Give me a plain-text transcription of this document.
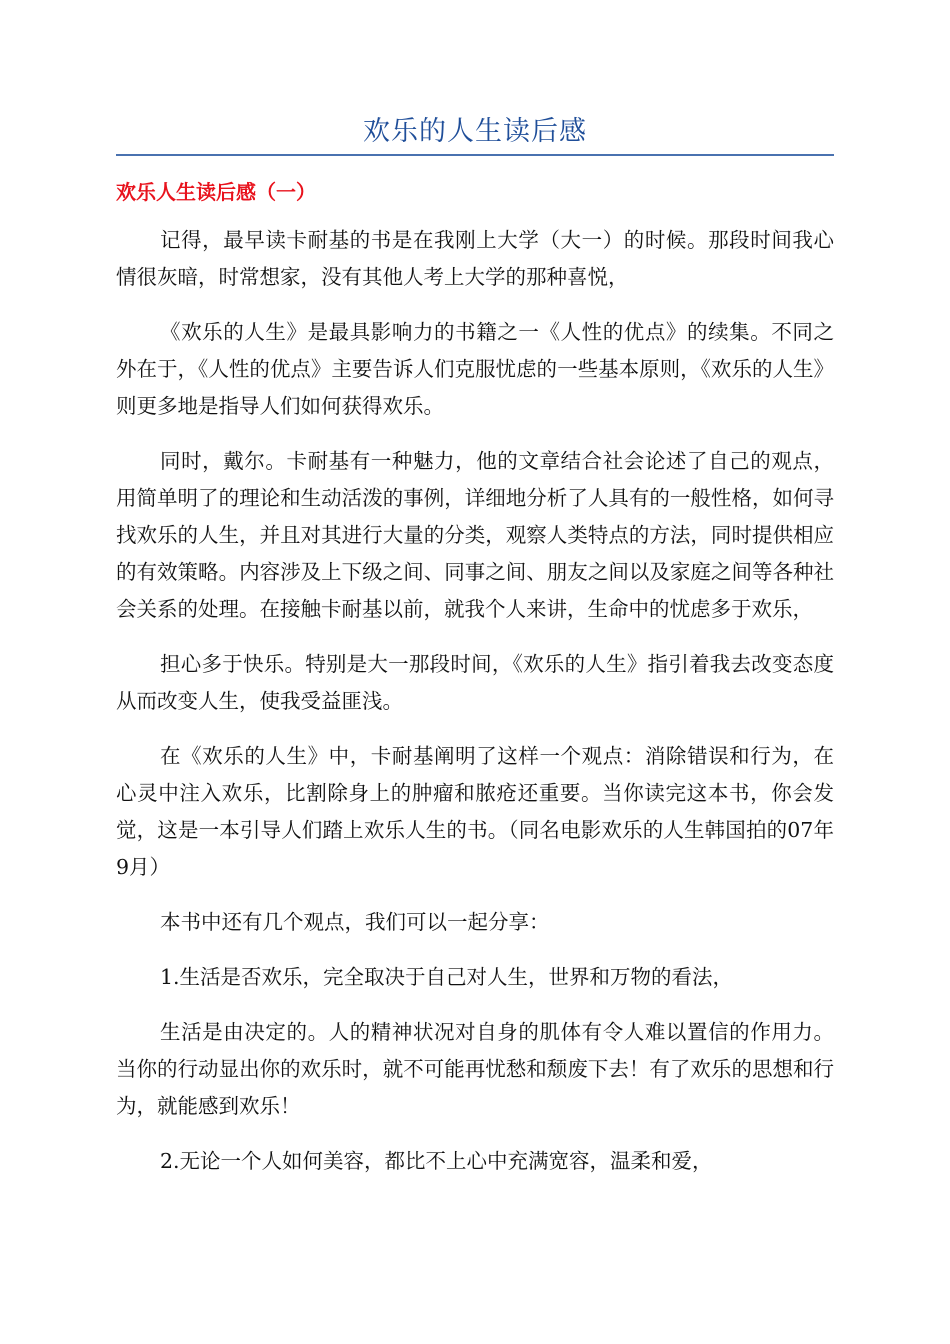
欢乐的人生读后感
欢乐人生读后感（一）

记得，最早读卡耐基的书是在我刚上大学（大一）的时候。那段时间我心情很灰暗，时常想家，没有其他人考上大学的那种喜悦，

《欢乐的人生》是最具影响力的书籍之一《人性的优点》的续集。不同之外在于，《人性的优点》主要告诉人们克服忧虑的一些基本原则，《欢乐的人生》则更多地是指导人们如何获得欢乐。

同时，戴尔。卡耐基有一种魅力，他的文章结合社会论述了自己的观点，用简单明了的理论和生动活泼的事例，详细地分析了人具有的一般性格，如何寻找欢乐的人生，并且对其进行大量的分类，观察人类特点的方法，同时提供相应的有效策略。内容涉及上下级之间、同事之间、朋友之间以及家庭之间等各种社会关系的处理。在接触卡耐基以前，就我个人来讲，生命中的忧虑多于欢乐，

担心多于快乐。特别是大一那段时间，《欢乐的人生》指引着我去改变态度从而改变人生，使我受益匪浅。

在《欢乐的人生》中，卡耐基阐明了这样一个观点：消除错误和行为，在心灵中注入欢乐，比割除身上的肿瘤和脓疮还重要。当你读完这本书，你会发觉，这是一本引导人们踏上欢乐人生的书。（同名电影欢乐的人生韩国拍的07年9月）

本书中还有几个观点，我们可以一起分享：

1.生活是否欢乐，完全取决于自己对人生，世界和万物的看法，

生活是由决定的。人的精神状况对自身的肌体有令人难以置信的作用力。当你的行动显出你的欢乐时，就不可能再忧愁和颓废下去！有了欢乐的思想和行为，就能感到欢乐！

2.无论一个人如何美容，都比不上心中充满宽容，温柔和爱，
